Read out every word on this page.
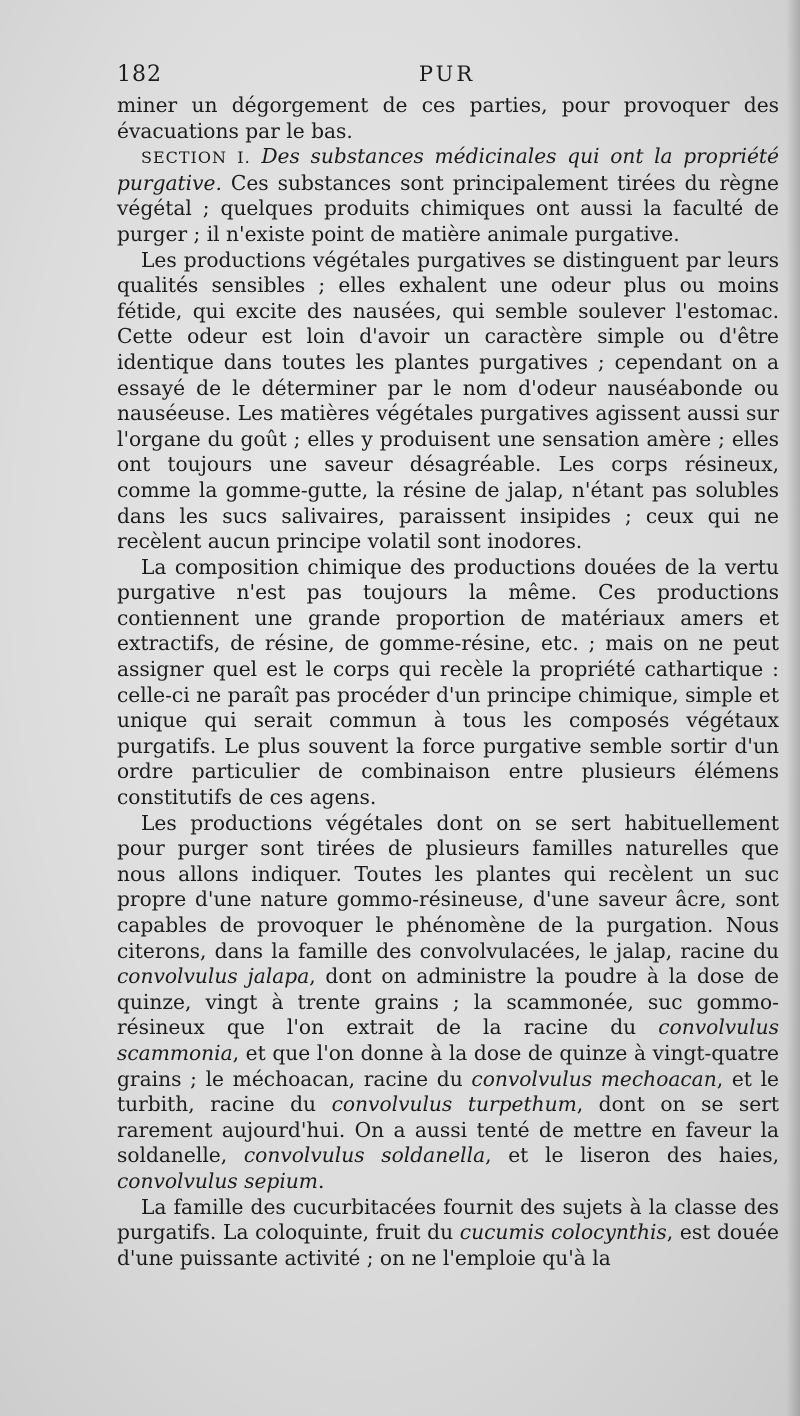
182	PUR

miner un dégorgement de ces parties, pour provoquer des évacuations par le bas.

SECTION I. Des substances médicinales qui ont la propriété purgative. Ces substances sont principalement tirées du règne végétal ; quelques produits chimiques ont aussi la faculté de purger ; il n'existe point de matière animale purgative.

Les productions végétales purgatives se distinguent par leurs qualités sensibles ; elles exhalent une odeur plus ou moins fétide, qui excite des nausées, qui semble soulever l'estomac. Cette odeur est loin d'avoir un caractère simple ou d'être identique dans toutes les plantes purgatives ; cependant on a essayé de le déterminer par le nom d'odeur nauséabonde ou nauséeuse. Les matières végétales purgatives agissent aussi sur l'organe du goût ; elles y produisent une sensation amère ; elles ont toujours une saveur désagréable. Les corps résineux, comme la gomme-gutte, la résine de jalap, n'étant pas solubles dans les sucs salivaires, paraissent insipides ; ceux qui ne recèlent aucun principe volatil sont inodores.

La composition chimique des productions douées de la vertu purgative n'est pas toujours la même. Ces productions contiennent une grande proportion de matériaux amers et extractifs, de résine, de gomme-résine, etc. ; mais on ne peut assigner quel est le corps qui recèle la propriété cathartique : celle-ci ne paraît pas procéder d'un principe chimique, simple et unique qui serait commun à tous les composés végétaux purgatifs. Le plus souvent la force purgative semble sortir d'un ordre particulier de combinaison entre plusieurs élémens constitutifs de ces agens.

Les productions végétales dont on se sert habituellement pour purger sont tirées de plusieurs familles naturelles que nous allons indiquer. Toutes les plantes qui recèlent un suc propre d'une nature gommo-résineuse, d'une saveur âcre, sont capables de provoquer le phénomène de la purgation. Nous citerons, dans la famille des convolvulacées, le jalap, racine du convolvulus jalapa, dont on administre la poudre à la dose de quinze, vingt à trente grains ; la scammonée, suc gommo-résineux que l'on extrait de la racine du convolvulus scammonia, et que l'on donne à la dose de quinze à vingt-quatre grains ; le méchoacan, racine du convolvulus mechoacan, et le turbith, racine du convolvulus turpethum, dont on se sert rarement aujourd'hui. On a aussi tenté de mettre en faveur la soldanelle, convolvulus soldanella, et le liseron des haies, convolvulus sepium.

La famille des cucurbitacées fournit des sujets à la classe des purgatifs. La coloquinte, fruit du cucumis colocynthis, est douée d'une puissante activité ; on ne l'emploie qu'à la
